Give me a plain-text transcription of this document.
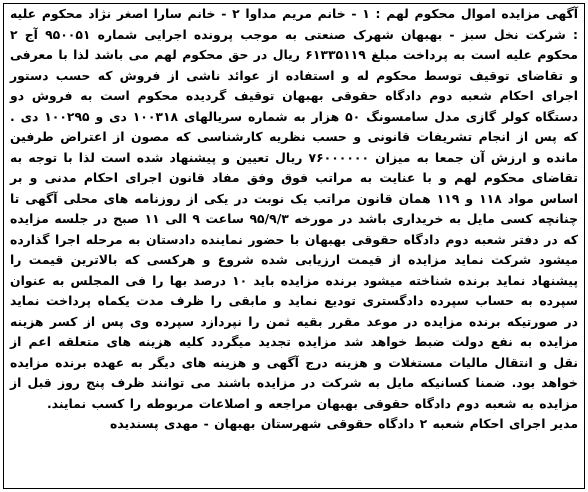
آگهی مزایده اموال محکوم لهم : ۱ - خانم مریم مداوا ۲ - خانم سارا اصغر نژاد محکوم علیه : شرکت نخل سبز - بهبهان شهرک صنعتی به موجب پرونده اجرایی شماره ۹۵۰۰۵۱ آج ۲ محکوم علیه است به پرداخت مبلغ ۶۱۳۳۵۱۱۹ ریال در حق محکوم لهم می باشد لذا با معرفی و تقاضای توقیف توسط محکوم له و استفاده از عوائد ناشی از فروش که حسب دستور اجرای احکام شعبه دوم دادگاه حقوقی بهبهان توقیف گردیده محکوم است به فروش دو دستگاه کولر گازی مدل سامسونگ ۵۰ هزار به شماره سریالهای ۱۰۰۳۱۸ دی و ۱۰۰۲۹۵ دی . که پس از انجام تشریفات قانونی و حسب نظریه کارشناسی که مصون از اعتراض طرفین مانده و ارزش آن جمعا به میزان ۷۶۰۰۰۰۰۰ ریال تعیین و پیشنهاد شده است لذا با توجه به تقاضای محکوم لهم و با عنایت به مراتب فوق وفق مفاد قانون اجرای احکام مدنی و بر اساس مواد ۱۱۸ و ۱۱۹ همان قانون مراتب یک نوبت در یکی از روزنامه های محلی آگهی تا چنانچه کسی مایل به خریداری باشد در مورخه ۹۵/۹/۳ ساعت ۹ الی ۱۱ صبح در جلسه مزایده که در دفتر شعبه دوم دادگاه حقوقی بهبهان با حضور نماینده دادستان به مرحله اجرا گذارده میشود شرکت نماید مزایده از قیمت ارزیابی شده شروع و هرکسی که بالاترین قیمت را پیشنهاد نماید برنده شناخته میشود برنده مزایده باید ۱۰ درصد بها را فی المجلس به عنوان سپرده به حساب سپرده دادگستری تودیع نماید و مابقی را ظرف مدت یکماه پرداخت نماید در صورتیکه برنده مزایده در موعد مقرر بقیه ثمن را نپردازد سپرده وی پس از کسر هزینه مزایده به نفع دولت ضبط خواهد شد مزایده تجدید میگردد کلیه هزینه های متعلقه اعم از نقل و انتقال مالیات مستغلات و هزینه درج آگهی و هزینه های دیگر به عهده برنده مزایده خواهد بود. ضمنا کسانیکه مایل به شرکت در مزایده باشند می توانند ظرف پنج روز قبل از مزایده به شعبه دوم دادگاه حقوقی بهبهان مراجعه و اصلاعات مربوطه را کسب نمایند.

مدیر اجرای احکام شعبه ۲ دادگاه حقوقی شهرستان بهبهان - مهدی پسندیده
